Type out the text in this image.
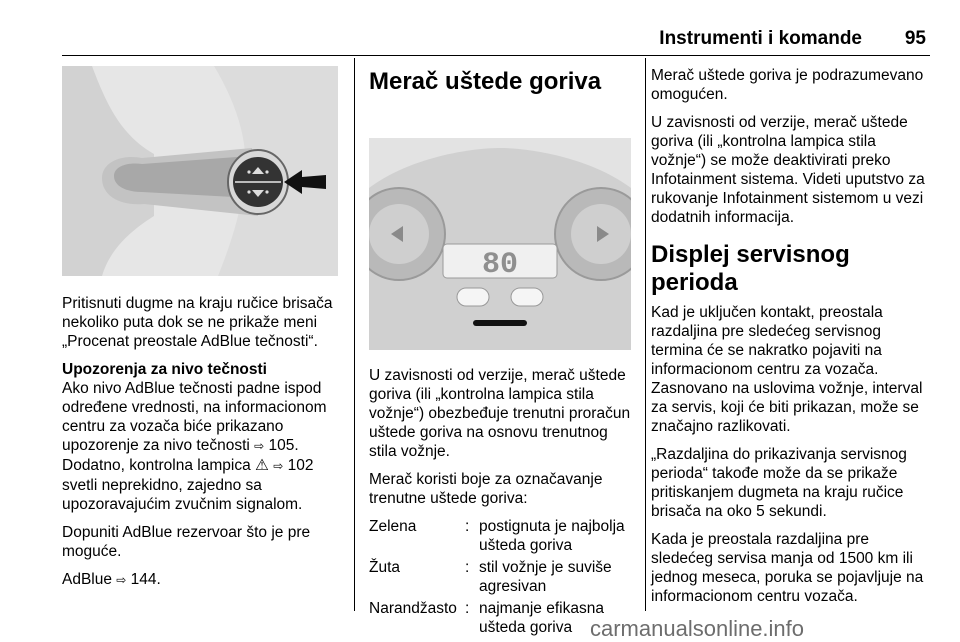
Instrumenti i komande 95

Pritisnuti dugme na kraju ručice brisača nekoliko puta dok se ne prikaže meni „Procenat preostale AdBlue tečnosti“.

Upozorenja za nivo tečnosti

Ako nivo AdBlue tečnosti padne ispod određene vrednosti, na informacionom centru za vozača biće prikazano upozorenje za nivo tečnosti ⇨ 105. Dodatno, kontrolna lampica ⚠ ⇨ 102 svetli neprekidno, zajedno sa upozoravajućim zvučnim signalom.

Dopuniti AdBlue rezervoar što je pre moguće.

AdBlue ⇨ 144.

Merač uštede goriva
80

U zavisnosti od verzije, merač uštede goriva (ili „kontrolna lampica stila vožnje“) obezbeđuje trenutni proračun uštede goriva na osnovu trenutnog stila vožnje.

Merač koristi boje za označavanje trenutne uštede goriva:

Zelena	:	postignuta je najbolja ušteda goriva
Žuta	:	stil vožnje je suviše agresivan
Narandžasto	:	najmanje efikasna ušteda goriva

Merač uštede goriva je podrazumevano omogućen.

U zavisnosti od verzije, merač uštede goriva (ili „kontrolna lampica stila vožnje“) se može deaktivirati preko Infotainment sistema. Videti uputstvo za rukovanje Infotainment sistemom u vezi dodatnih informacija.

Displej servisnog perioda

Kad je uključen kontakt, preostala razdaljina pre sledećeg servisnog termina će se nakratko pojaviti na informacionom centru za vozača. Zasnovano na uslovima vožnje, interval za servis, koji će biti prikazan, može se značajno razlikovati.

„Razdaljina do prikazivanja servisnog perioda“ takođe može da se prikaže pritiskanjem dugmeta na kraju ručice brisača na oko 5 sekundi.

Kada je preostala razdaljina pre sledećeg servisa manja od 1500 km ili jednog meseca, poruka se pojavljuje na informacionom centru vozača.

carmanualsonline.info
